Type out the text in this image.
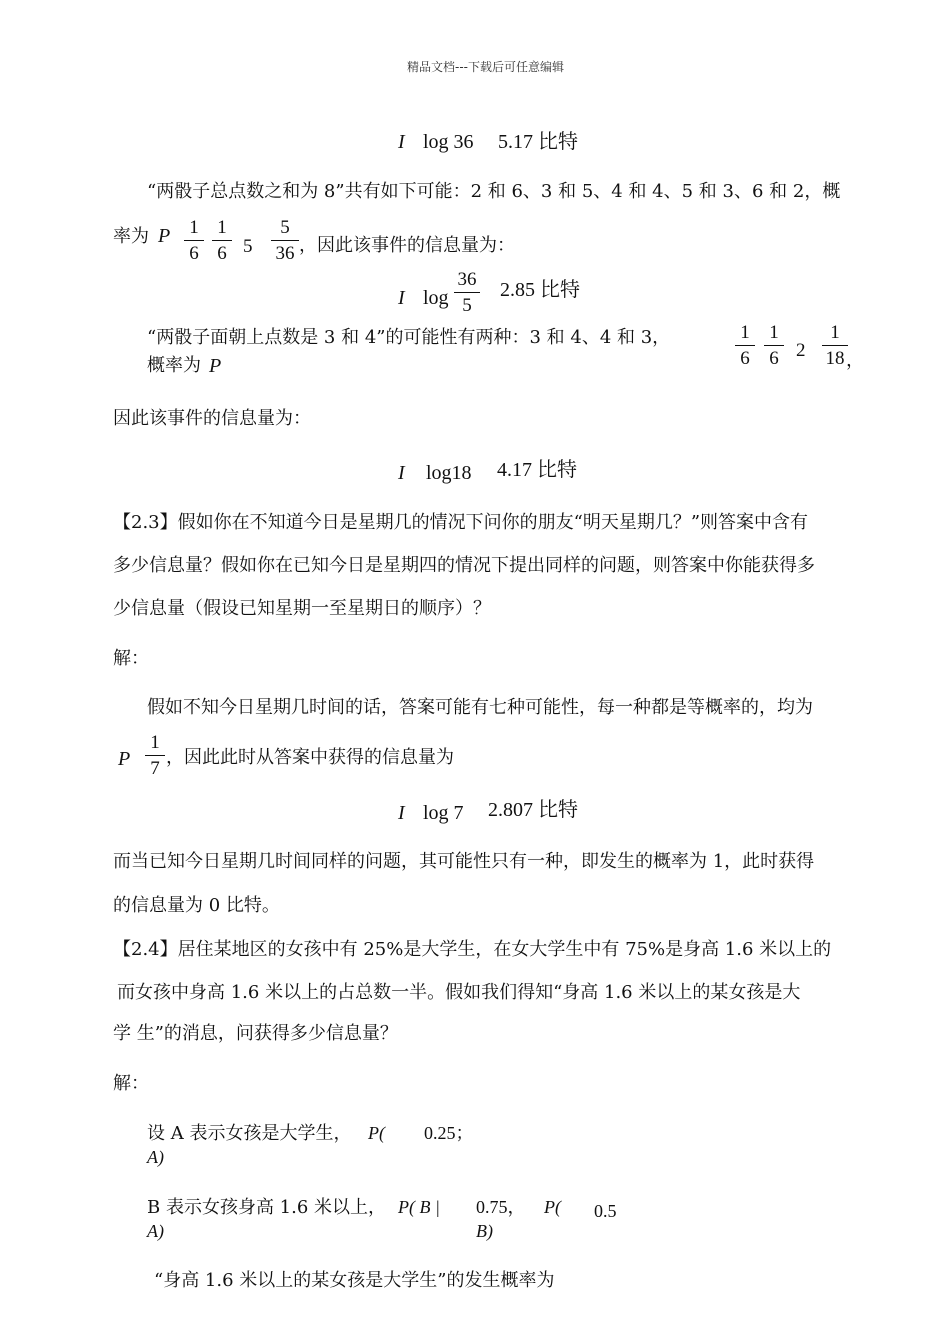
精品文档---下载后可任意编辑
I log 36 5.17 比特
“两骰子总点数之和为 8”共有如下可能：2 和 6、3 和 5、4 和 4、5 和 3、6 和 2，概
率为 P $\frac{1}{6} \frac{1}{6} 5 \frac{5}{36}$ ，因此该事件的信息量为：
I $\log \frac{36}{5} 2.85$ 比特
“两骰子面朝上点数是 3 和 4”的可能性有两种：3 和 4、4 和 3，
概率为 P	$\frac{1}{6} \frac{1}{6} 2 \frac{1}{18}$
，
因此该事件的信息量为：
I log18 4.17 比特
【2.3】假如你在不知道今日是星期几的情况下问你的朋友“明天星期几？”则答案中含有
多少信息量？假如你在已知今日是星期四的情况下提出同样的问题，则答案中你能获得多
少信息量（假设已知星期一至星期日的顺序）？
解：
假如不知今日星期几时间的话，答案可能有七种可能性，每一种都是等概率的，均为
P $\frac{1}{7}$ ，因此此时从答案中获得的信息量为
I log 7 2.807 比特
而当已知今日星期几时间同样的问题，其可能性只有一种，即发生的概率为 1，此时获得
的信息量为 0 比特。
【2.4】居住某地区的女孩中有 25%是大学生，在女大学生中有 75%是身高 1.6 米以上的
而女孩中身高 1.6 米以上的占总数一半。假如我们得知“身高 1.6 米以上的某女孩是大
学 生”的消息，问获得多少信息量？
解：
设 A 表示女孩是大学生， P(
A)
0.25；
B 表示女孩身高 1.6 米以上， P( B |
A)
0.75， P(
B)
0.5
“身高 1.6 米以上的某女孩是大学生”的发生概率为
